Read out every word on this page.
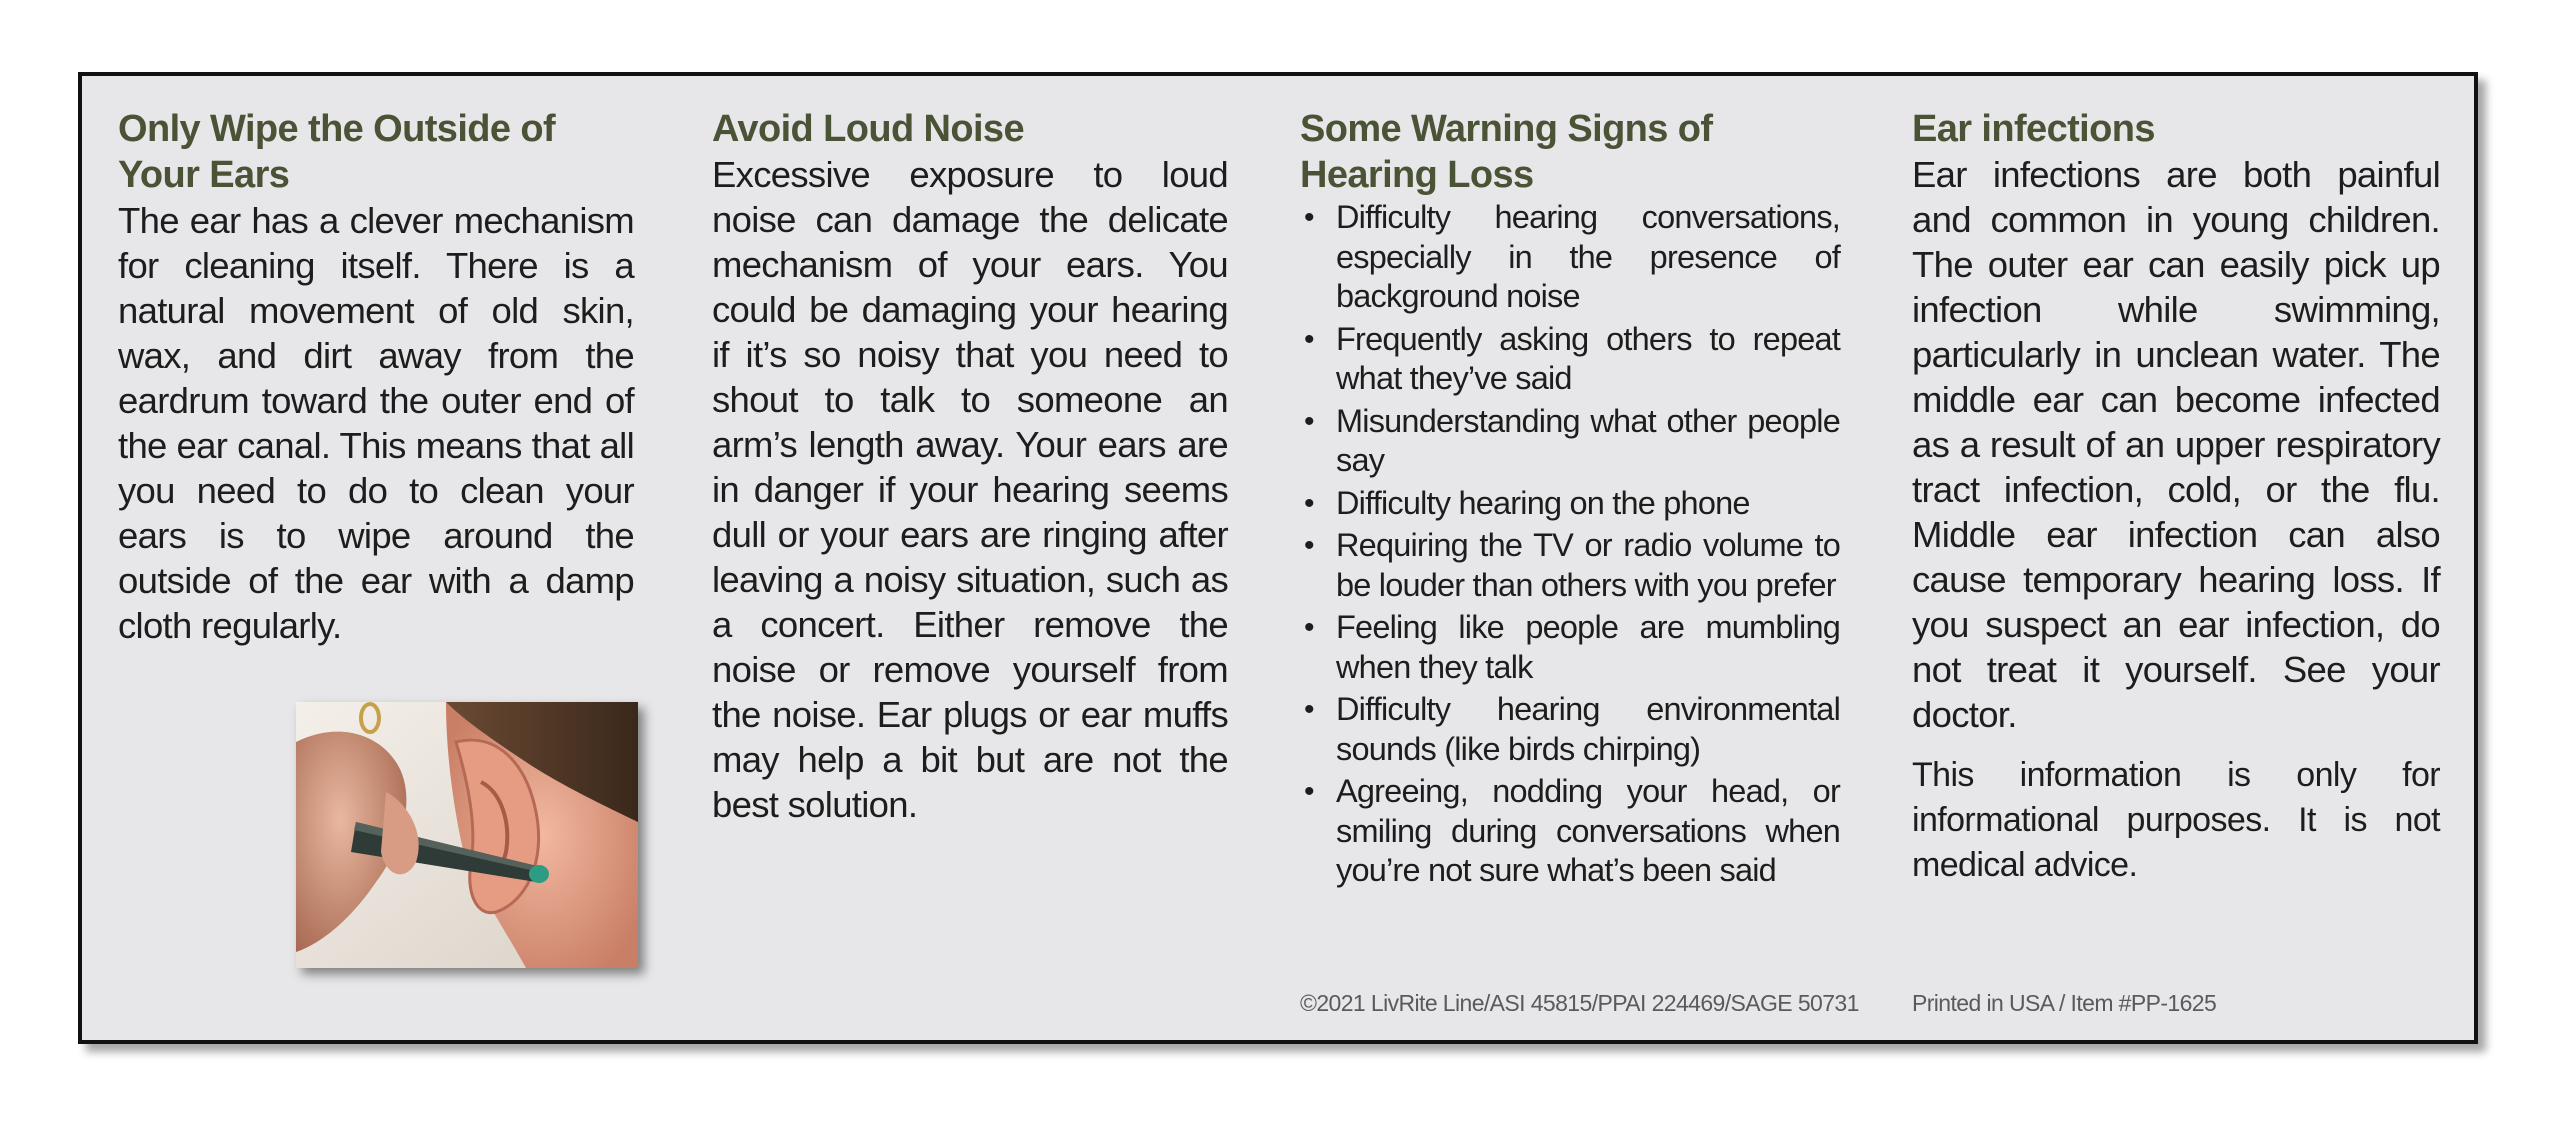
Only Wipe the Outside of Your Ears

The ear has a clever mechanism for cleaning itself. There is a natural movement of old skin, wax, and dirt away from the eardrum toward the outer end of the ear canal. This means that all you need to do to clean your ears is to wipe around the outside of the ear with a damp cloth regularly.

Avoid Loud Noise

Excessive exposure to loud noise can damage the delicate mechanism of your ears. You could be damaging your hearing if it’s so noisy that you need to shout to talk to someone an arm’s length away. Your ears are in danger if your hearing seems dull or your ears are ringing after leaving a noisy situation, such as a concert. Either remove the noise or remove yourself from the noise. Ear plugs or ear muffs may help a bit but are not the best solution.

Some Warning Signs of Hearing Loss
• Difficulty hearing conversations, especially in the presence of background noise
• Frequently asking others to repeat what they’ve said
• Misunderstanding what other people say
• Difficulty hearing on the phone
• Requiring the TV or radio volume to be louder than others with you prefer
• Feeling like people are mumbling when they talk
• Difficulty hearing environmental sounds (like birds chirping)
• Agreeing, nodding your head, or smiling during conversations when you’re not sure what’s been said
Ear infections

Ear infections are both painful and common in young children. The outer ear can easily pick up infection while swimming, particularly in unclean water. The middle ear can become infected as a result of an upper respiratory tract infection, cold, or the flu. Middle ear infection can also cause temporary hearing loss. If you suspect an ear infection, do not treat it yourself. See your doctor.

This information is only for informational purposes. It is not medical advice.

©2021 LivRite Line/ASI 45815/PPAI 224469/SAGE 50731 Printed in USA / Item #PP-1625
